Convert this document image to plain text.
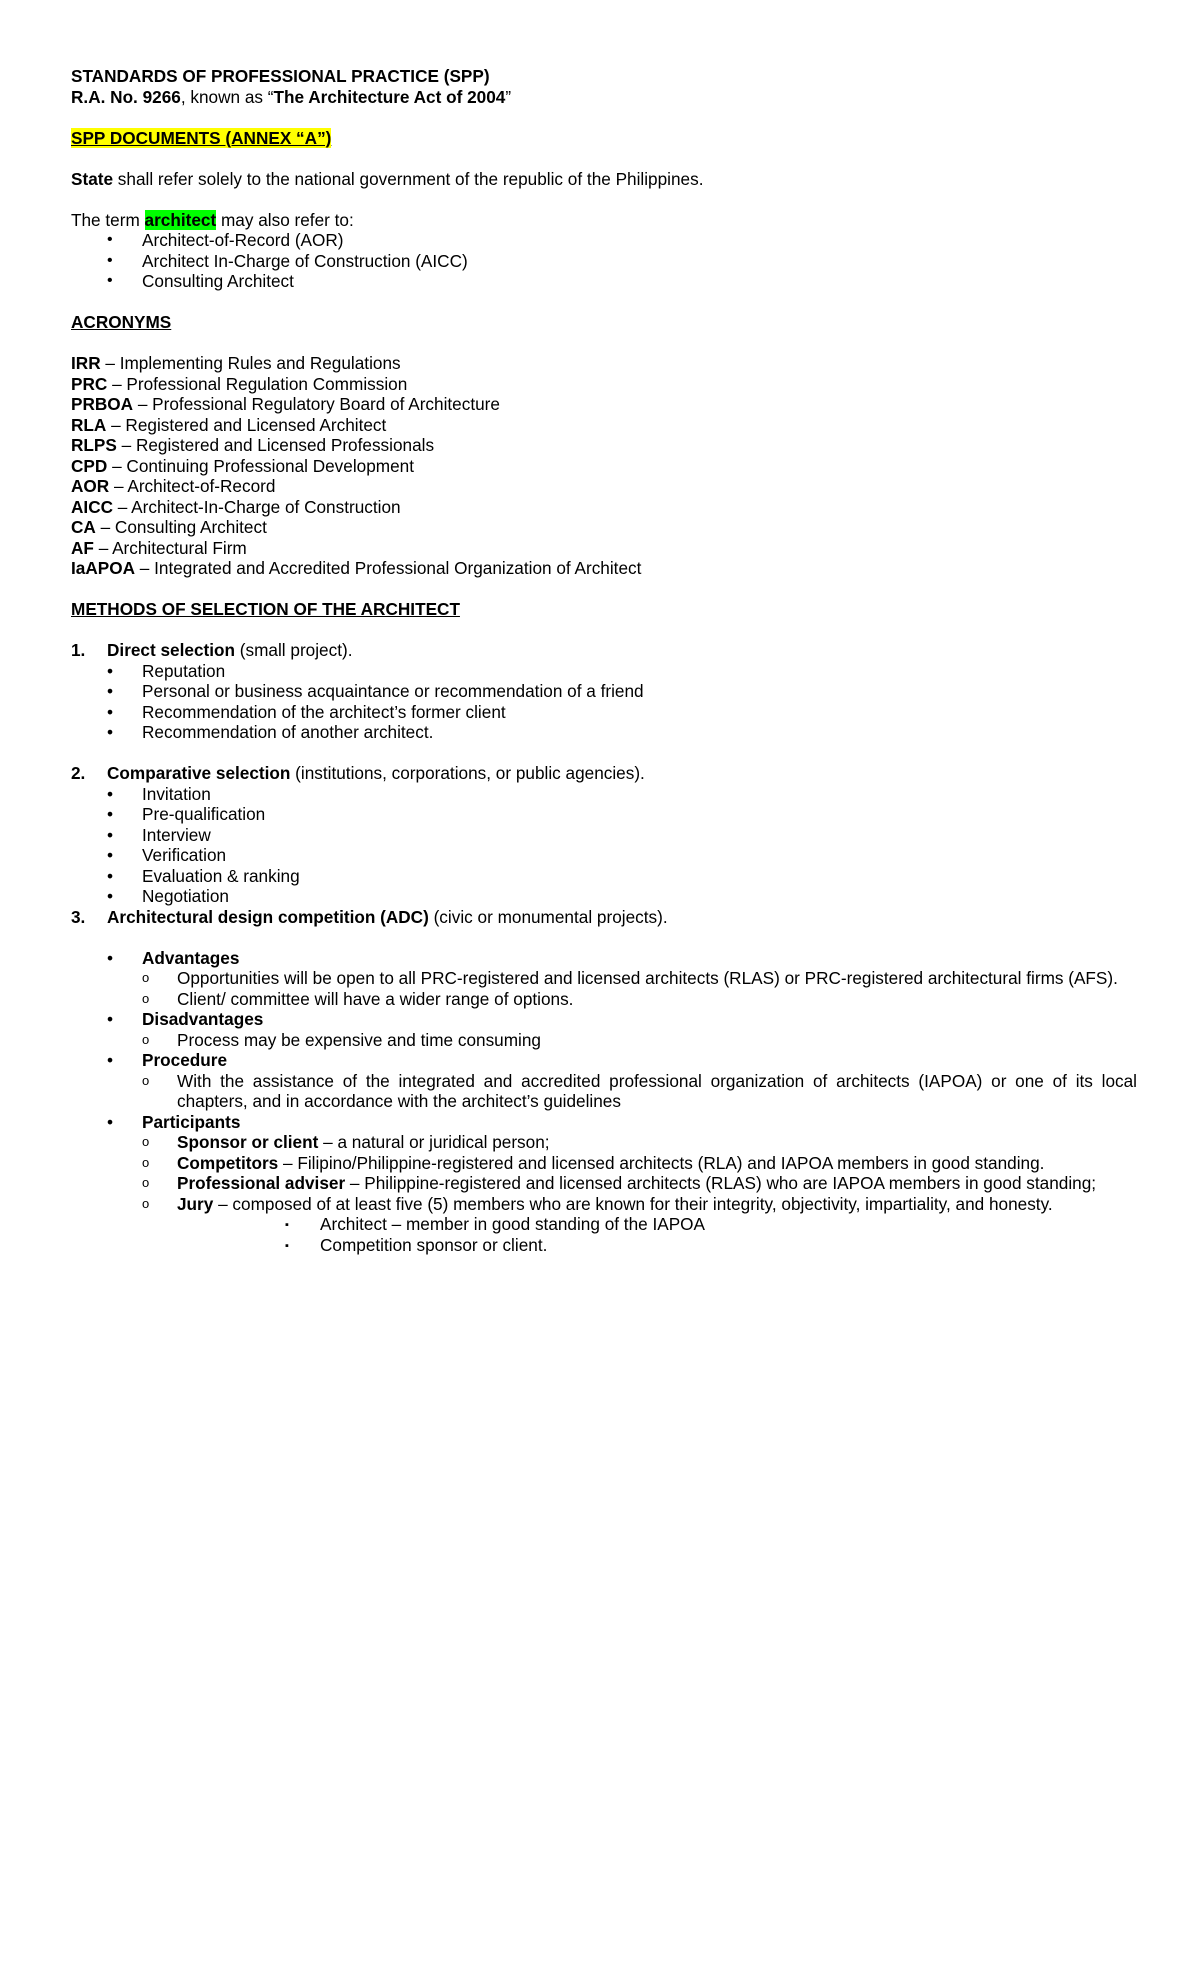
STANDARDS OF PROFESSIONAL PRACTICE (SPP)
R.A. No. 9266, known as “The Architecture Act of 2004”
SPP DOCUMENTS (ANNEX “A”)
State shall refer solely to the national government of the republic of the Philippines.
The term architect may also refer to:
• Architect-of-Record (AOR)
• Architect In-Charge of Construction (AICC)
• Consulting Architect
ACRONYMS
IRR – Implementing Rules and Regulations
PRC – Professional Regulation Commission
PRBOA – Professional Regulatory Board of Architecture
RLA – Registered and Licensed Architect
RLPS – Registered and Licensed Professionals
CPD – Continuing Professional Development
AOR – Architect-of-Record
AICC – Architect-In-Charge of Construction
CA – Consulting Architect
AF – Architectural Firm
IaAPOA – Integrated and Accredited Professional Organization of Architect
METHODS OF SELECTION OF THE ARCHITECT
1. Direct selection (small project).
• Reputation
• Personal or business acquaintance or recommendation of a friend
• Recommendation of the architect’s former client
• Recommendation of another architect.
2. Comparative selection (institutions, corporations, or public agencies).
• Invitation
• Pre-qualification
• Interview
• Verification
• Evaluation & ranking
• Negotiation
3. Architectural design competition (ADC) (civic or monumental projects).
• Advantages
o Opportunities will be open to all PRC-registered and licensed architects (RLAS) or PRC-registered architectural firms (AFS).
o Client/ committee will have a wider range of options.
• Disadvantages
o Process may be expensive and time consuming
• Procedure
o With the assistance of the integrated and accredited professional organization of architects (IAPOA) or one of its local chapters, and in accordance with the architect’s guidelines
• Participants
o Sponsor or client – a natural or juridical person;
o Competitors – Filipino/Philippine-registered and licensed architects (RLA) and IAPOA members in good standing.
o Professional adviser – Philippine-registered and licensed architects (RLAS) who are IAPOA members in good standing;
o Jury – composed of at least five (5) members who are known for their integrity, objectivity, impartiality, and honesty.
▪ Architect – member in good standing of the IAPOA
▪ Competition sponsor or client.
